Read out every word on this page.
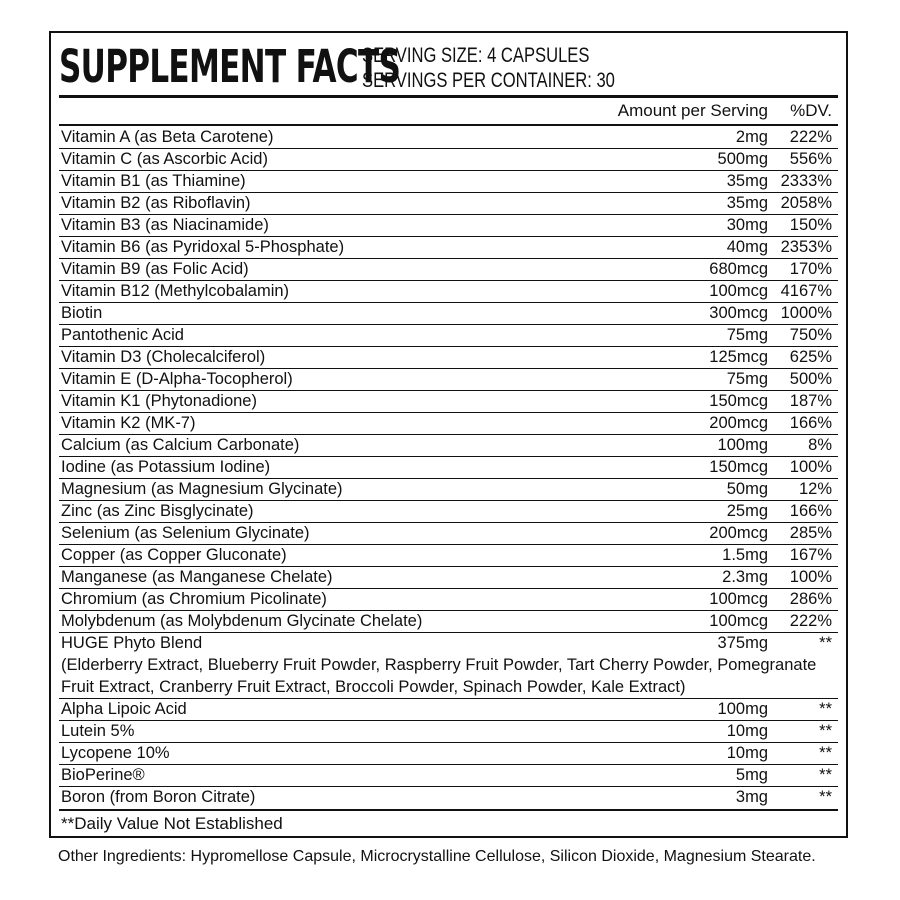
SUPPLEMENT FACTS
SERVING SIZE: 4 CAPSULES
SERVINGS PER CONTAINER: 30
Amount per Serving %DV.
Vitamin A (as Beta Carotene)	2mg 222%
Vitamin C (as Ascorbic Acid)	500mg 556%
Vitamin B1 (as Thiamine)	35mg 2333%
Vitamin B2 (as Riboflavin)	35mg 2058%
Vitamin B3 (as Niacinamide)	30mg 150%
Vitamin B6 (as Pyridoxal 5-Phosphate)	40mg 2353%
Vitamin B9 (as Folic Acid)	680mcg 170%
Vitamin B12 (Methylcobalamin)	100mcg 4167%
Biotin	300mcg 1000%
Pantothenic Acid	75mg 750%
Vitamin D3 (Cholecalciferol)	125mcg 625%
Vitamin E (D-Alpha-Tocopherol)	75mg 500%
Vitamin K1 (Phytonadione)	150mcg 187%
Vitamin K2 (MK-7)	200mcg 166%
Calcium (as Calcium Carbonate)	100mg 8%
Iodine (as Potassium Iodine)	150mcg 100%
Magnesium (as Magnesium Glycinate)	50mg 12%
Zinc (as Zinc Bisglycinate)	25mg 166%
Selenium (as Selenium Glycinate)	200mcg 285%
Copper (as Copper Gluconate)	1.5mg 167%
Manganese (as Manganese Chelate)	2.3mg 100%
Chromium (as Chromium Picolinate)	100mcg 286%
Molybdenum (as Molybdenum Glycinate Chelate)	100mcg 222%
HUGE Phyto Blend	375mg	**
(Elderberry Extract, Blueberry Fruit Powder, Raspberry Fruit Powder, Tart Cherry Powder, Pomegranate Fruit Extract, Cranberry Fruit Extract, Broccoli Powder, Spinach Powder, Kale Extract)
Alpha Lipoic Acid	100mg	**
Lutein 5%	10mg	**
Lycopene 10%	10mg	**
BioPerine®	5mg	**
Boron (from Boron Citrate)	3mg	**
**Daily Value Not Established
Other Ingredients: Hypromellose Capsule, Microcrystalline Cellulose, Silicon Dioxide, Magnesium Stearate.
